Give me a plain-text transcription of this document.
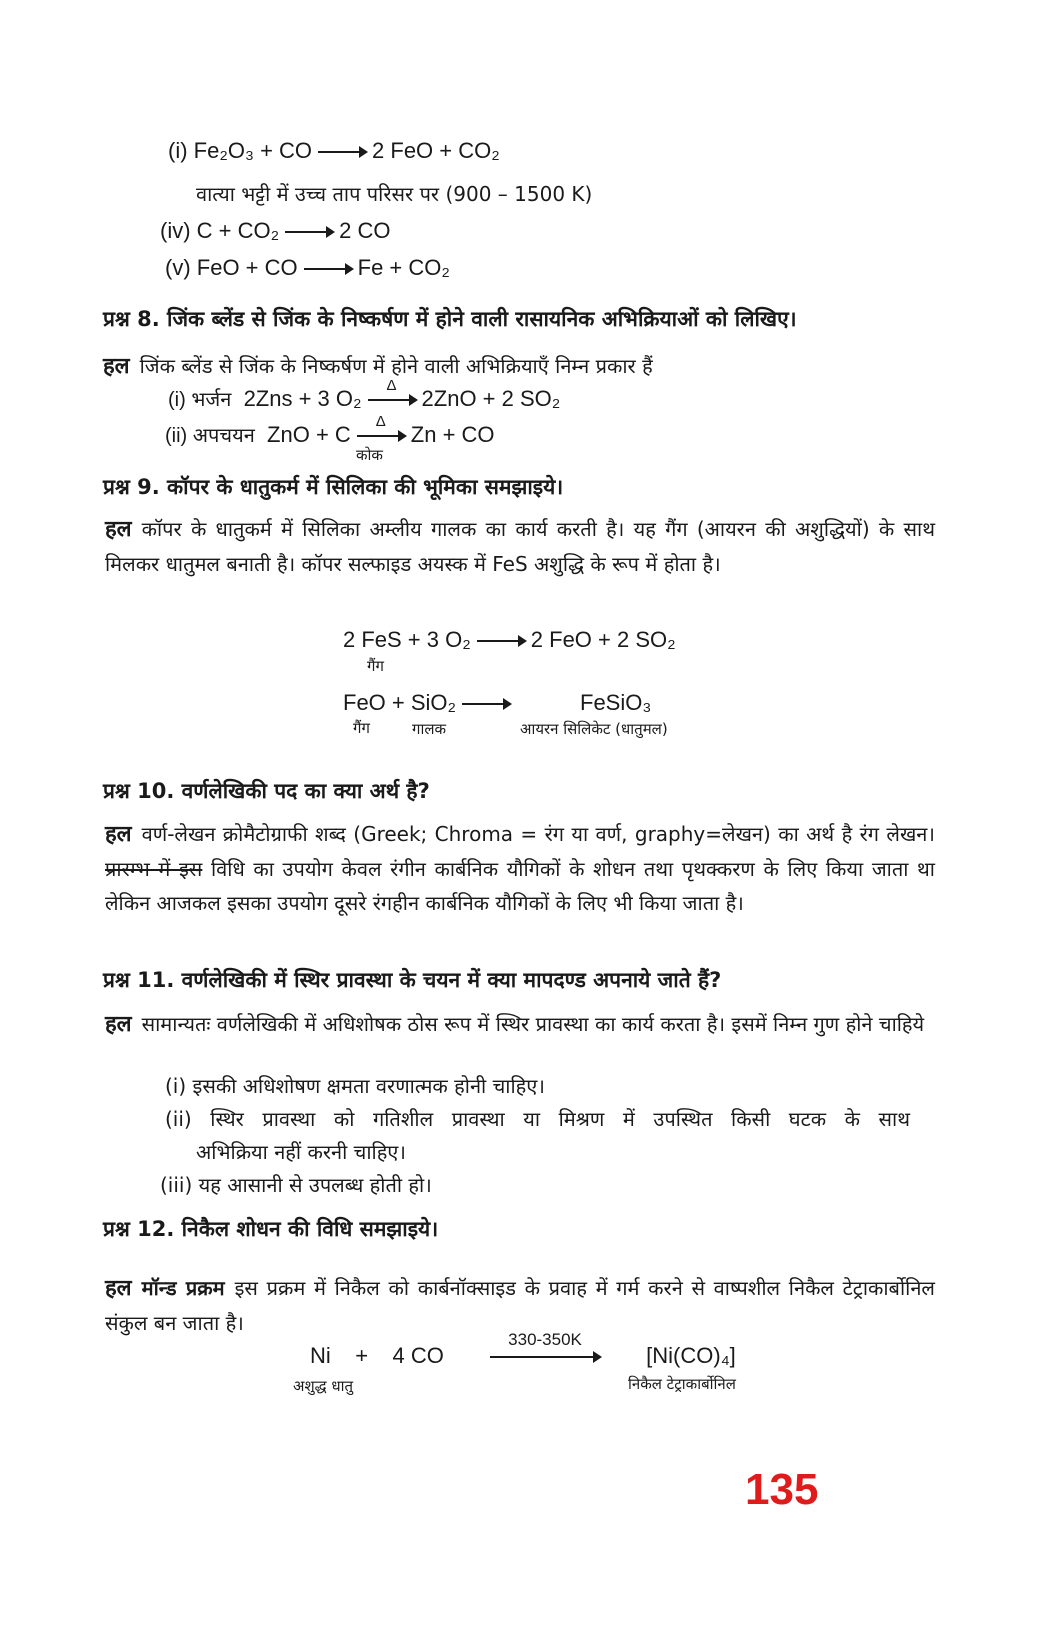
(i) Fe₂O₃ + CO → 2 FeO + CO₂
वात्या भट्टी में उच्च ताप परिसर पर (900 – 1500 K)
(iv) C + CO₂ → 2 CO
(v) FeO + CO → Fe + CO₂
प्रश्न 8. जिंक ब्लेंड से जिंक के निष्कर्षण में होने वाली रासायनिक अभिक्रियाओं को लिखिए।
हल जिंक ब्लेंड से जिंक के निष्कर्षण में होने वाली अभिक्रियाएँ निम्न प्रकार हैं
(i) भर्जन 2Zns + 3 O₂
Δ
2ZnO + 2 SO₂
(ii) अपचयन ZnO + C
Δ
Zn + CO
कोक
प्रश्न 9. कॉपर के धातुकर्म में सिलिका की भूमिका समझाइये।
हल कॉपर के धातुकर्म में सिलिका अम्लीय गालक का कार्य करती है। यह गैंग (आयरन की अशुद्धियों) के साथ मिलकर धातुमल बनाती है। कॉपर सल्फाइड अयस्क में FeS अशुद्धि के रूप में होता है।
2 FeS + 3 O₂ → 2 FeO + 2 SO₂
गैंग
FeO + SiO₂ →	FeSiO₃
गैंग	गालक	आयरन सिलिकेट (धातुमल)
प्रश्न 10. वर्णलेखिकी पद का क्या अर्थ है?
हल वर्ण-लेखन क्रोमैटोग्राफी शब्द (Greek; Chroma = रंग या वर्ण, graphy=लेखन) का अर्थ है रंग लेखन। प्रारम्भ में इस विधि का उपयोग केवल रंगीन कार्बनिक यौगिकों के शोधन तथा पृथक्करण के लिए किया जाता था लेकिन आजकल इसका उपयोग दूसरे रंगहीन कार्बनिक यौगिकों के लिए भी किया जाता है।
प्रश्न 11. वर्णलेखिकी में स्थिर प्रावस्था के चयन में क्या मापदण्ड अपनाये जाते हैं?
हल सामान्यतः वर्णलेखिकी में अधिशोषक ठोस रूप में स्थिर प्रावस्था का कार्य करता है। इसमें निम्न गुण होने चाहिये
(i) इसकी अधिशोषण क्षमता वरणात्मक होनी चाहिए।
(ii) स्थिर प्रावस्था को गतिशील प्रावस्था या मिश्रण में उपस्थित किसी घटक के साथ
अभिक्रिया नहीं करनी चाहिए।
(iii) यह आसानी से उपलब्ध होती हो।
प्रश्न 12. निकैल शोधन की विधि समझाइये।
हल मॉन्ड प्रक्रम इस प्रक्रम में निकैल को कार्बनॉक्साइड के प्रवाह में गर्म करने से वाष्पशील निकैल टेट्राकार्बोनिल संकुल बन जाता है।
Ni + 4 CO
330-350K
[Ni(CO)₄]
अशुद्ध धातु	निकैल टेट्राकार्बोनिल
135
